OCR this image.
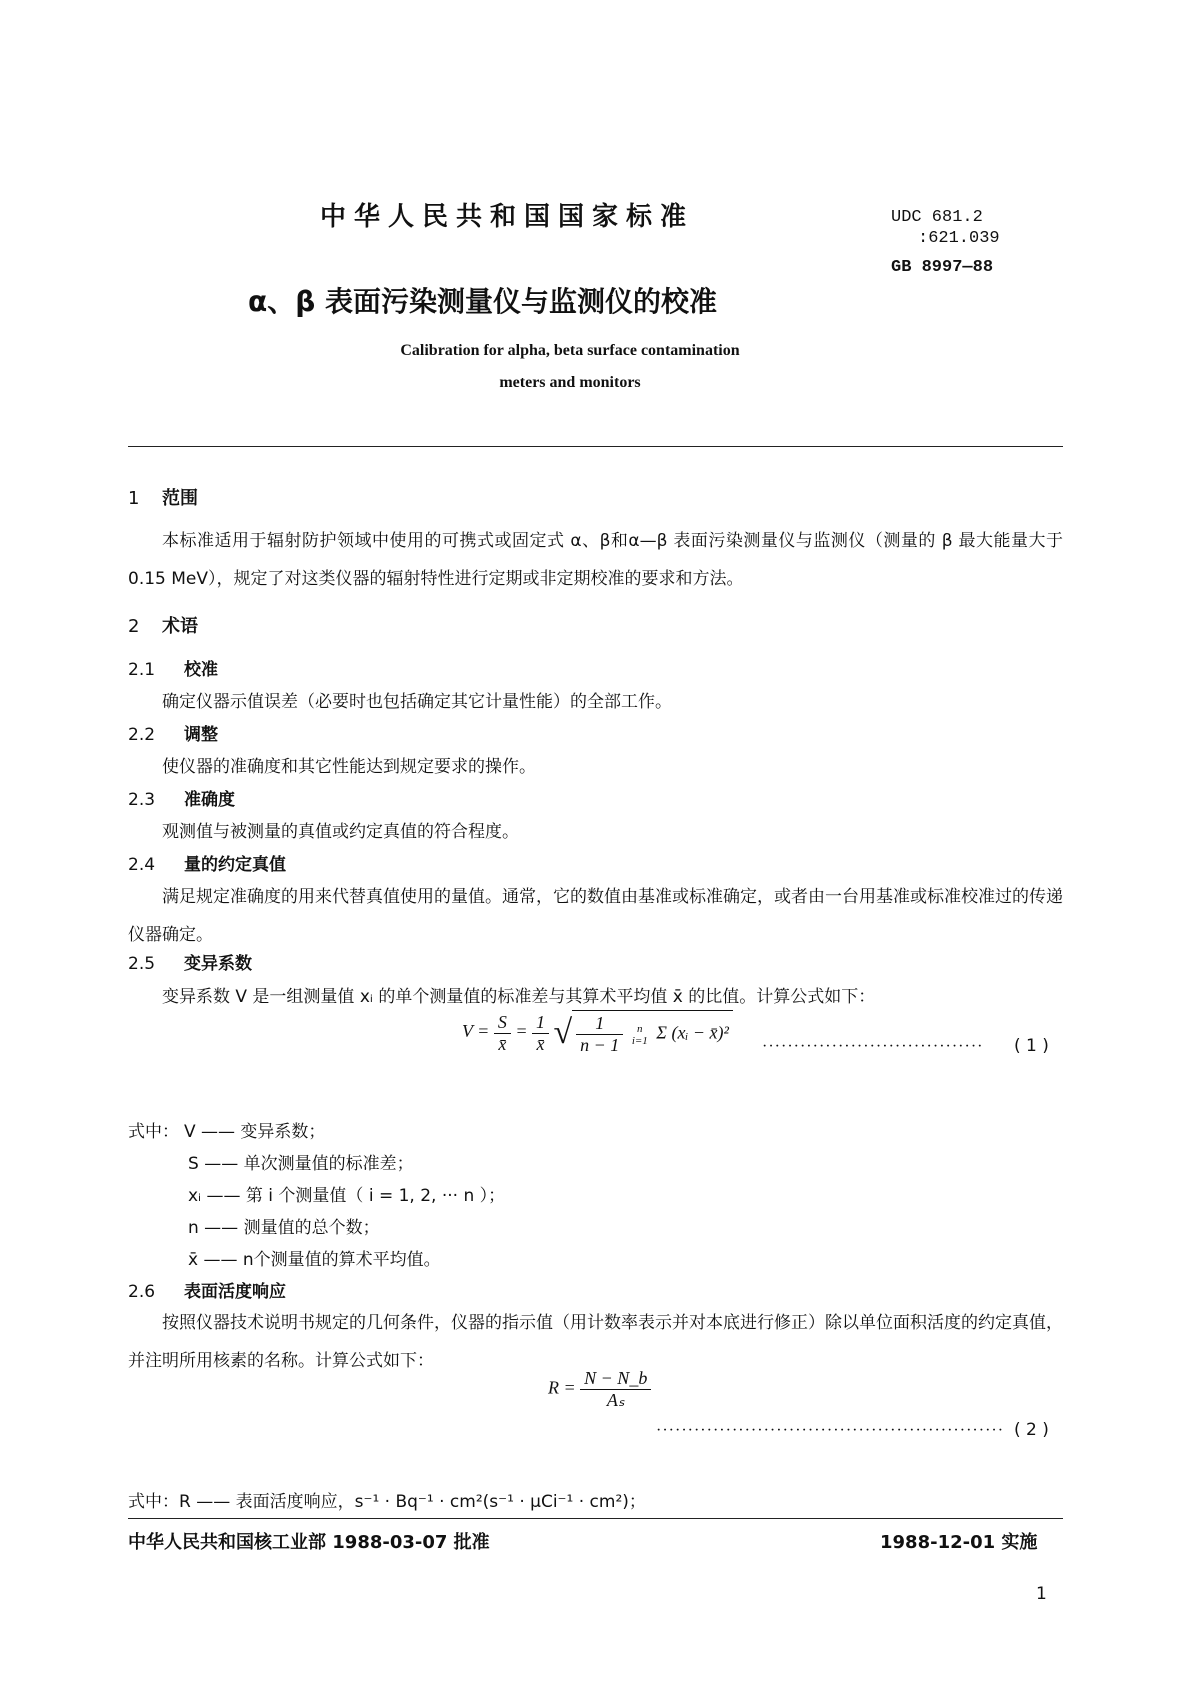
中华人民共和国国家标准	UDC 681.2
:621.039
GB 8997—88
α、β 表面污染测量仪与监测仪的校准
Calibration for alpha, beta surface contamination
meters and monitors
1 范围
本标准适用于辐射防护领域中使用的可携式或固定式 α、β和α—β 表面污染测量仪与监测仪（测量的 β 最大能量大于 0.15 MeV），规定了对这类仪器的辐射特性进行定期或非定期校准的要求和方法。
2 术语
2.1 校准
确定仪器示值误差（必要时也包括确定其它计量性能）的全部工作。
2.2 调整
使仪器的准确度和其它性能达到规定要求的操作。
2.3 准确度
观测值与被测量的真值或约定真值的符合程度。
2.4 量的约定真值
满足规定准确度的用来代替真值使用的量值。通常，它的数值由基准或标准确定，或者由一台用基准或标准校准过的传递仪器确定。
2.5 变异系数
变异系数 V 是一组测量值 xᵢ 的单个测量值的标准差与其算术平均值 x̄ 的比值。计算公式如下：
$V = \frac{S}{x̄} = \frac{1}{x̄}$ √ $\frac{1}{n - 1}$
	n
i=1 Σ (xᵢ − x̄)²
··································· ( 1 )
式中： V —— 变异系数；
S —— 单次测量值的标准差；
xᵢ —— 第 i 个测量值（ i = 1, 2, ··· n ）；
n —— 测量值的总个数；
x̄ —— n个测量值的算术平均值。
2.6 表面活度响应
按照仪器技术说明书规定的几何条件，仪器的指示值（用计数率表示并对本底进行修正）除以单位面积活度的约定真值，并注明所用核素的名称。计算公式如下：
$R = \frac{N - N\_b}{\text{Aₛ}}$
······················································· ( 2 )
式中：R —— 表面活度响应，s⁻¹ · Bq⁻¹ · cm²(s⁻¹ · μCi⁻¹ · cm²)；
中华人民共和国核工业部 1988-03-07 批准	1988-12-01 实施
1
